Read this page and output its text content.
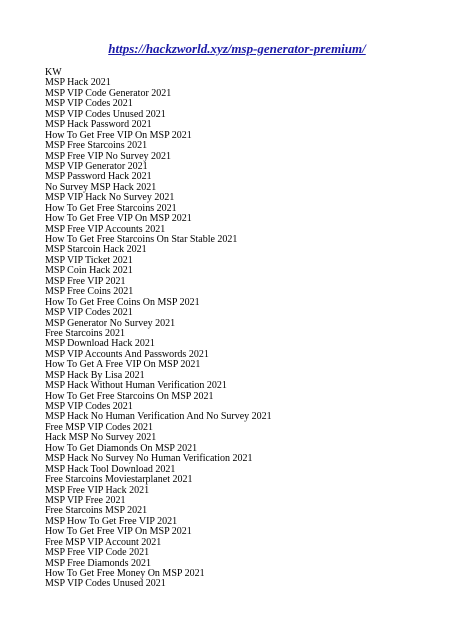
https://hackzworld.xyz/msp-generator-premium/
KW
MSP Hack 2021
MSP VIP Code Generator 2021
MSP VIP Codes 2021
MSP VIP Codes Unused 2021
MSP Hack Password 2021
How To Get Free VIP On MSP 2021
MSP Free Starcoins 2021
MSP Free VIP No Survey 2021
MSP VIP Generator 2021
MSP Password Hack 2021
No Survey MSP Hack 2021
MSP VIP Hack No Survey 2021
How To Get Free Starcoins 2021
How To Get Free VIP On MSP 2021
MSP Free VIP Accounts 2021
How To Get Free Starcoins On Star Stable 2021
MSP Starcoin Hack 2021
MSP VIP Ticket 2021
MSP Coin Hack 2021
MSP Free VIP 2021
MSP Free Coins 2021
How To Get Free Coins On MSP 2021
MSP VIP Codes 2021
MSP Generator No Survey 2021
Free Starcoins 2021
MSP Download Hack 2021
MSP VIP Accounts And Passwords 2021
How To Get A Free VIP On MSP 2021
MSP Hack By Lisa 2021
MSP Hack Without Human Verification 2021
How To Get Free Starcoins On MSP 2021
MSP VIP Codes 2021
MSP Hack No Human Verification And No Survey 2021
Free MSP VIP Codes 2021
Hack MSP No Survey 2021
How To Get Diamonds On MSP 2021
MSP Hack No Survey No Human Verification 2021
MSP Hack Tool Download 2021
Free Starcoins Moviestarplanet 2021
MSP Free VIP Hack 2021
MSP VIP Free 2021
Free Starcoins MSP 2021
MSP How To Get Free VIP 2021
How To Get Free VIP On MSP 2021
Free MSP VIP Account 2021
MSP Free VIP Code 2021
MSP Free Diamonds 2021
How To Get Free Money On MSP 2021
MSP VIP Codes Unused 2021
